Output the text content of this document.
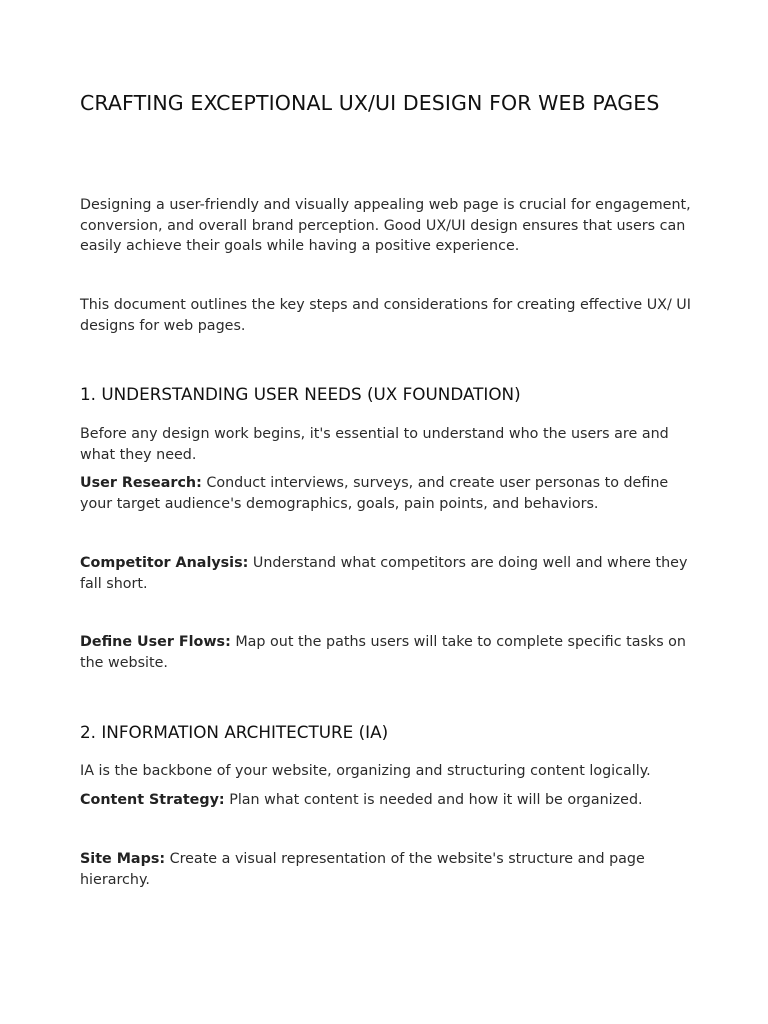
CRAFTING EXCEPTIONAL UX/UI DESIGN FOR WEB PAGES

Designing a user-friendly and visually appealing web page is crucial for engagement, conversion, and overall brand perception. Good UX/UI design ensures that users can easily achieve their goals while having a positive experience.

This document outlines the key steps and considerations for creating effective UX/ UI designs for web pages.

1. UNDERSTANDING USER NEEDS (UX FOUNDATION)

Before any design work begins, it's essential to understand who the users are and what they need.

User Research: Conduct interviews, surveys, and create user personas to define your target audience's demographics, goals, pain points, and behaviors.

Competitor Analysis: Understand what competitors are doing well and where they fall short.

Define User Flows: Map out the paths users will take to complete specific tasks on the website.

2. INFORMATION ARCHITECTURE (IA)

IA is the backbone of your website, organizing and structuring content logically.

Content Strategy: Plan what content is needed and how it will be organized.

Site Maps: Create a visual representation of the website's structure and page hierarchy.
